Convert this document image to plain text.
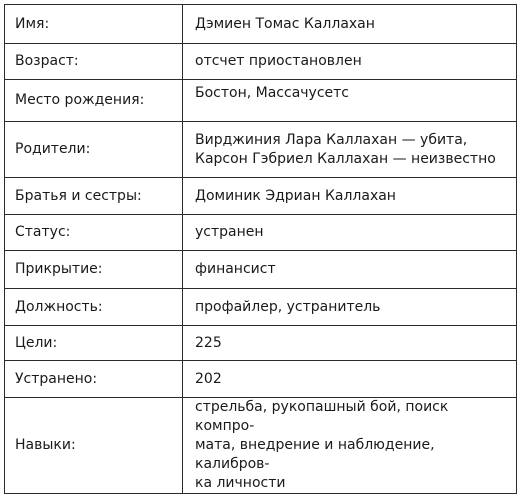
Имя:	Дэмиен Томас Каллахан

Возраст:	отсчет приостановлен

Место рождения:	Бостон, Массачусетс

Родители:	Вирджиния Лара Каллахан — убита,
Карсон Гэбриел Каллахан — неизвестно

Братья и сестры:	Доминик Эдриан Каллахан

Статус:	устранен

Прикрытие:	финансист

Должность:	профайлер, устранитель

Цели:	225

Устранено:	202

Навыки:	стрельба, рукопашный бой, поиск компро-
мата, внедрение и наблюдение, калибров-
ка личности
